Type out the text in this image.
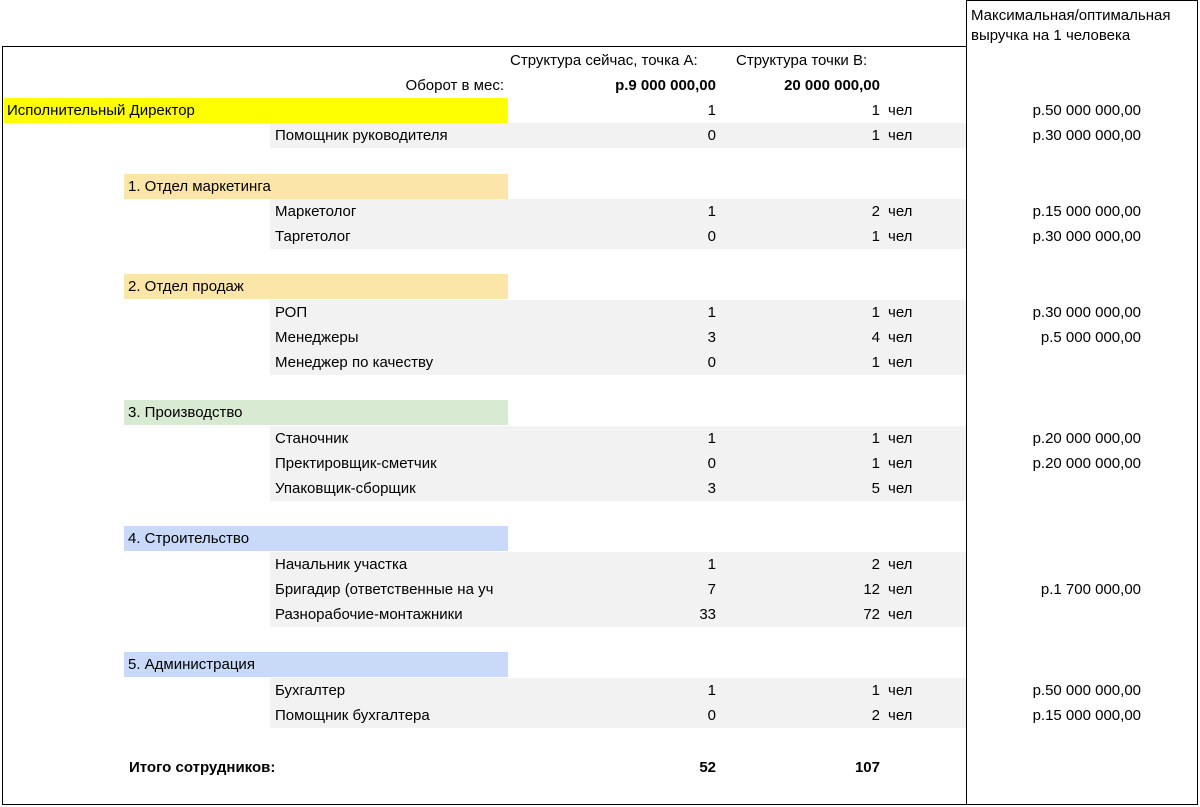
Структура сейчас, точка А:	Структура точки B:
Максимальная/оптимальная
выручка на 1 человека
Оборот в мес:	р.9 000 000,00	20 000 000,00
Исполнительный Директор	1	1 чел	р.50 000 000,00
Помощник руководителя	0	1 чел	р.30 000 000,00
1. Отдел маркетинга
Маркетолог	1	2 чел	р.15 000 000,00
Таргетолог	0	1 чел	р.30 000 000,00
2. Отдел продаж
РОП	1	1 чел	р.30 000 000,00
Менеджеры	3	4 чел	р.5 000 000,00
Менеджер по качеству	0	1 чел
3. Производство
Станочник	1	1 чел	р.20 000 000,00
Пректировщик-сметчик	0	1 чел	р.20 000 000,00
Упаковщик-сборщик	3	5 чел
4. Строительство
Начальник участка	1	2 чел
Бригадир (ответственные на уч	7	12 чел	р.1 700 000,00
Разнорабочие-монтажники	33	72 чел
5. Администрация
Бухгалтер	1	1 чел	р.50 000 000,00
Помощник бухгалтера	0	2 чел	р.15 000 000,00
Итого сотрудников:	52	107
